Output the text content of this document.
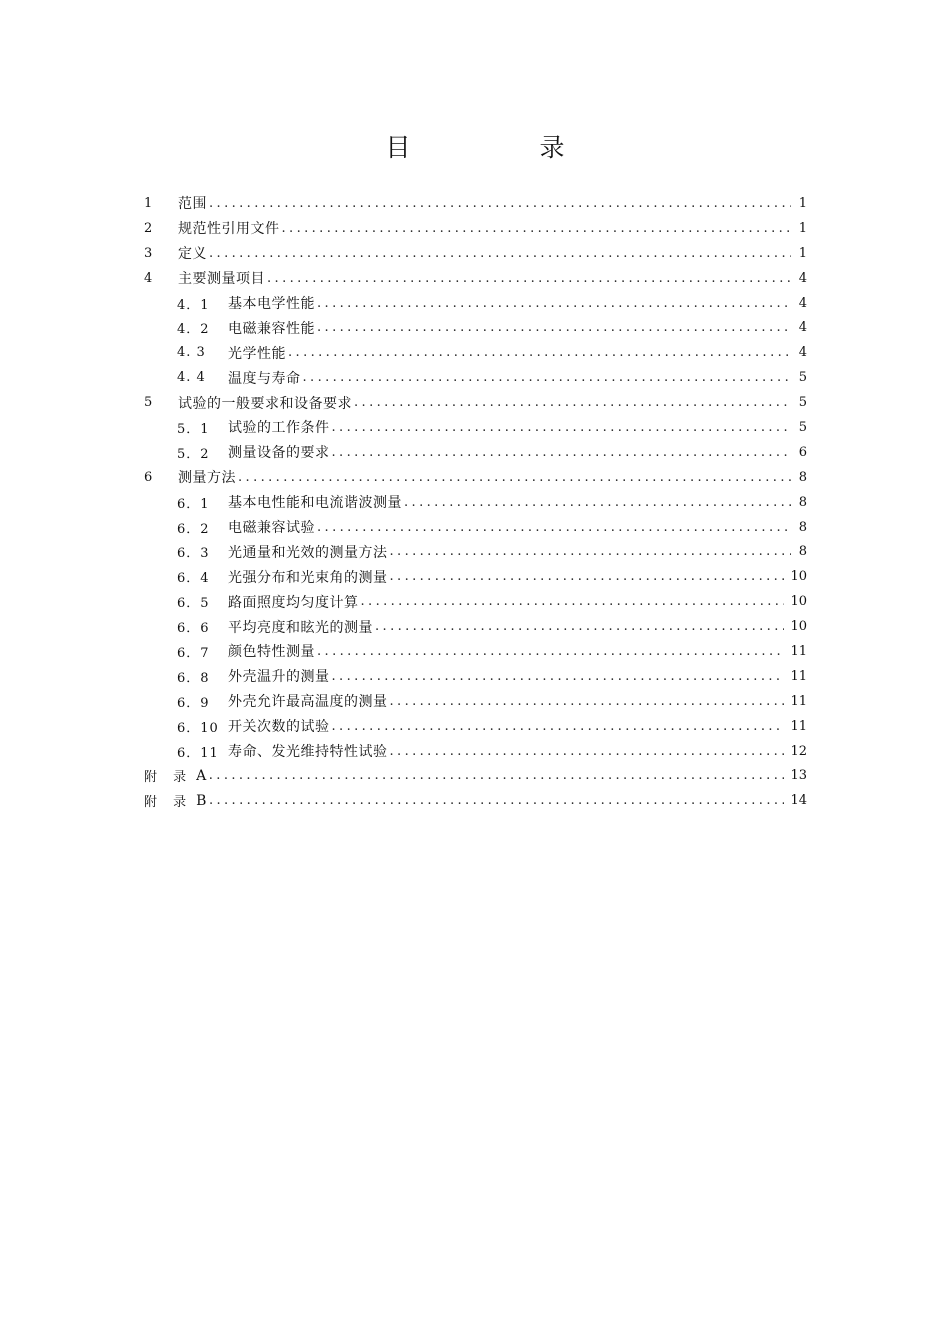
目　录
1	范围 .....	1
2	规范性引用文件 .....	1
3	定义 .....	1
4	主要测量项目 .....	4
4．1	基本电学性能 .....	4
4．2	电磁兼容性能 .....	4
4. 3	光学性能 .....	4
4. 4	温度与寿命 .....	5
5	试验的一般要求和设备要求 .....	5
5．1	试验的工作条件 .....	5
5．2	测量设备的要求 .....	6
6	测量方法 .....	8
6．1	基本电性能和电流谐波测量 .....	8
6．2	电磁兼容试验 .....	8
6．3	光通量和光效的测量方法 .....	8
6．4	光强分布和光束角的测量 .....	10
6．5	路面照度均匀度计算 .....	10
6．6	平均亮度和眩光的测量 .....	10
6．7	颜色特性测量 .....	11
6．8	外壳温升的测量 .....	11
6．9	外壳允许最高温度的测量 .....	11
6．10 开关次数的试验 .....	11
6．11 寿命、发光维持特性试验 .....	12
附 录 A .....	13
附 录 B .....	14
